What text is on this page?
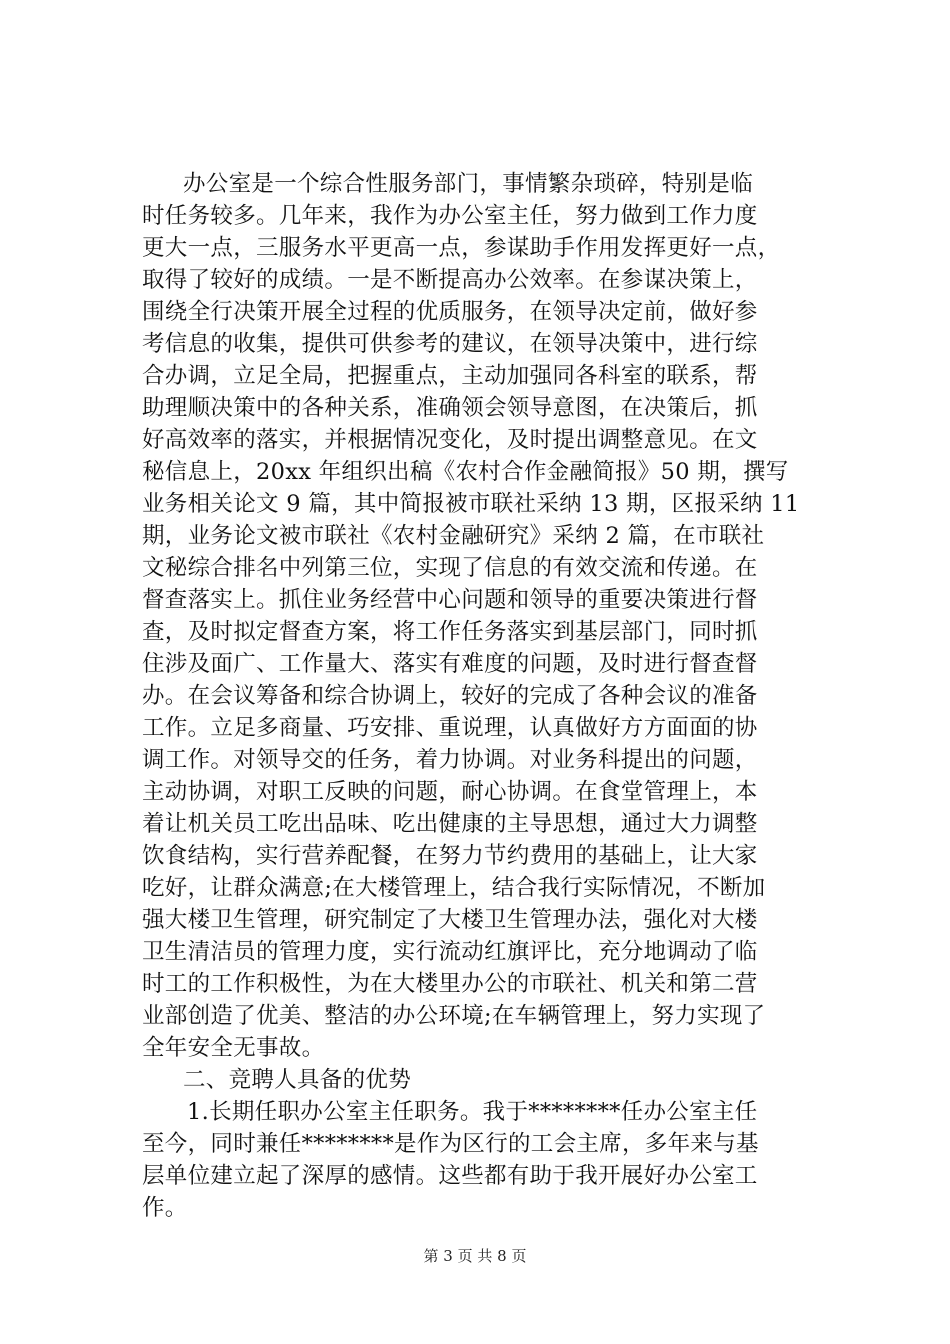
办公室是一个综合性服务部门，事情繁杂琐碎，特别是临
时任务较多。几年来，我作为办公室主任，努力做到工作力度
更大一点，三服务水平更高一点，参谋助手作用发挥更好一点，
取得了较好的成绩。一是不断提高办公效率。在参谋决策上，
围绕全行决策开展全过程的优质服务，在领导决定前，做好参
考信息的收集，提供可供参考的建议，在领导决策中，进行综
合办调，立足全局，把握重点，主动加强同各科室的联系，帮
助理顺决策中的各种关系，准确领会领导意图，在决策后，抓
好高效率的落实，并根据情况变化，及时提出调整意见。在文
秘信息上，20xx 年组织出稿《农村合作金融简报》50 期，撰写
业务相关论文 9 篇，其中简报被市联社采纳 13 期，区报采纳 11
期，业务论文被市联社《农村金融研究》采纳 2 篇，在市联社
文秘综合排名中列第三位，实现了信息的有效交流和传递。在
督查落实上。抓住业务经营中心问题和领导的重要决策进行督
查，及时拟定督查方案，将工作任务落实到基层部门，同时抓
住涉及面广、工作量大、落实有难度的问题，及时进行督查督
办。在会议筹备和综合协调上，较好的完成了各种会议的准备
工作。立足多商量、巧安排、重说理，认真做好方方面面的协
调工作。对领导交的任务，着力协调。对业务科提出的问题，
主动协调，对职工反映的问题，耐心协调。在食堂管理上，本
着让机关员工吃出品味、吃出健康的主导思想，通过大力调整
饮食结构，实行营养配餐，在努力节约费用的基础上，让大家
吃好，让群众满意;在大楼管理上，结合我行实际情况，不断加
强大楼卫生管理，研究制定了大楼卫生管理办法，强化对大楼
卫生清洁员的管理力度，实行流动红旗评比，充分地调动了临
时工的工作积极性，为在大楼里办公的市联社、机关和第二营
业部创造了优美、整洁的办公环境;在车辆管理上，努力实现了
全年安全无事故。
二、竞聘人具备的优势
1.长期任职办公室主任职务。我于********任办公室主任
至今，同时兼任********是作为区行的工会主席，多年来与基
层单位建立起了深厚的感情。这些都有助于我开展好办公室工
作。
第 3 页 共 8 页
